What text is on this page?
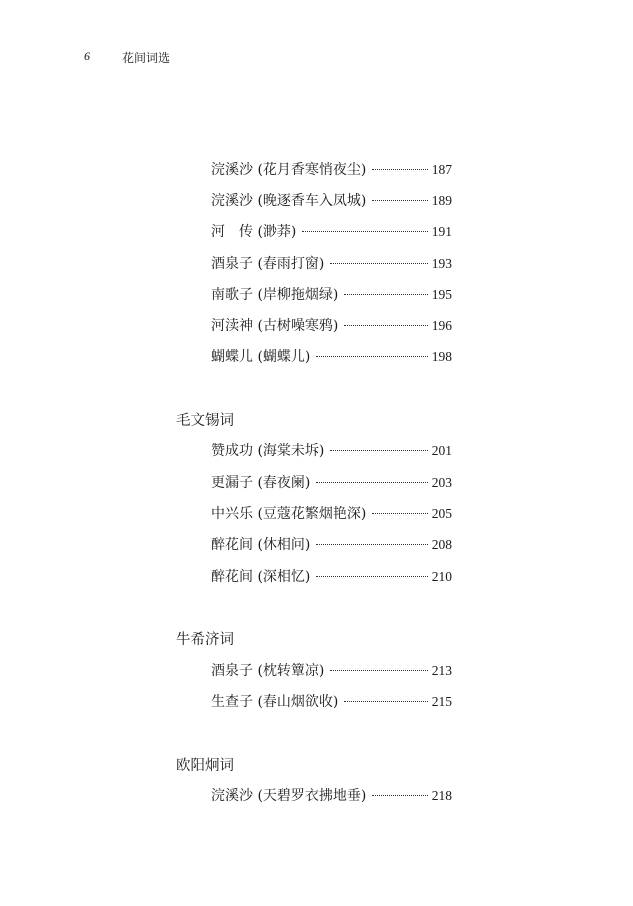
6	花间词选
浣溪沙 (花月香寒悄夜尘)	187
浣溪沙 (晚逐香车入凤城)	189
河　传 (渺莽)	191
酒泉子 (春雨打窗)	193
南歌子 (岸柳拖烟绿)	195
河渎神 (古树噪寒鸦)	196
蝴蝶儿 (蝴蝶儿)	198
毛文锡词
赞成功 (海棠未坼)	201
更漏子 (春夜阑)	203
中兴乐 (豆蔻花繁烟艳深)	205
醉花间 (休相问)	208
醉花间 (深相忆)	210
牛希济词
酒泉子 (枕转簟凉)	213
生查子 (春山烟欲收)	215
欧阳炯词
浣溪沙 (天碧罗衣拂地垂)	218
